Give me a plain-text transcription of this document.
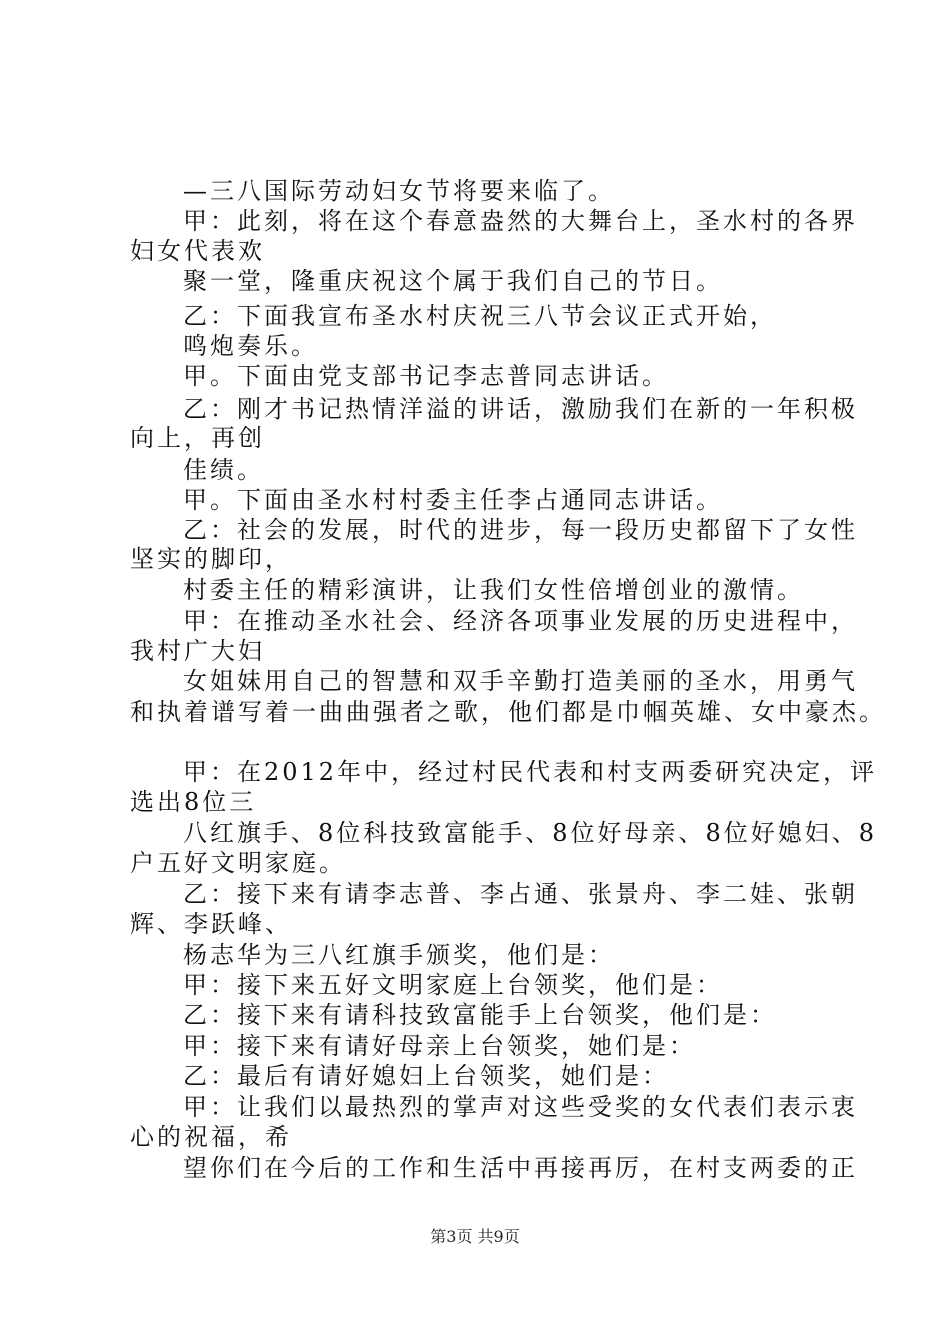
—三八国际劳动妇女节将要来临了。
甲：此刻，将在这个春意盎然的大舞台上，圣水村的各界
妇女代表欢
聚一堂，隆重庆祝这个属于我们自己的节日。
乙：下面我宣布圣水村庆祝三八节会议正式开始，
鸣炮奏乐。
甲。下面由党支部书记李志普同志讲话。
乙：刚才书记热情洋溢的讲话，激励我们在新的一年积极
向上，再创
佳绩。
甲。下面由圣水村村委主任李占通同志讲话。
乙：社会的发展，时代的进步，每一段历史都留下了女性
坚实的脚印，
村委主任的精彩演讲，让我们女性倍增创业的激情。
甲：在推动圣水社会、经济各项事业发展的历史进程中，
我村广大妇
女姐妹用自己的智慧和双手辛勤打造美丽的圣水，用勇气
和执着谱写着一曲曲强者之歌，他们都是巾帼英雄、女中豪杰。
甲：在2012年中，经过村民代表和村支两委研究决定，评
选出8位三
八红旗手、8位科技致富能手、8位好母亲、8位好媳妇、8
户五好文明家庭。
乙：接下来有请李志普、李占通、张景舟、李二娃、张朝
辉、李跃峰、
杨志华为三八红旗手颁奖，他们是：
甲：接下来五好文明家庭上台领奖，他们是：
乙：接下来有请科技致富能手上台领奖，他们是：
甲：接下来有请好母亲上台领奖，她们是：
乙：最后有请好媳妇上台领奖，她们是：
甲：让我们以最热烈的掌声对这些受奖的女代表们表示衷
心的祝福，希
望你们在今后的工作和生活中再接再厉，在村支两委的正
第3页 共9页
